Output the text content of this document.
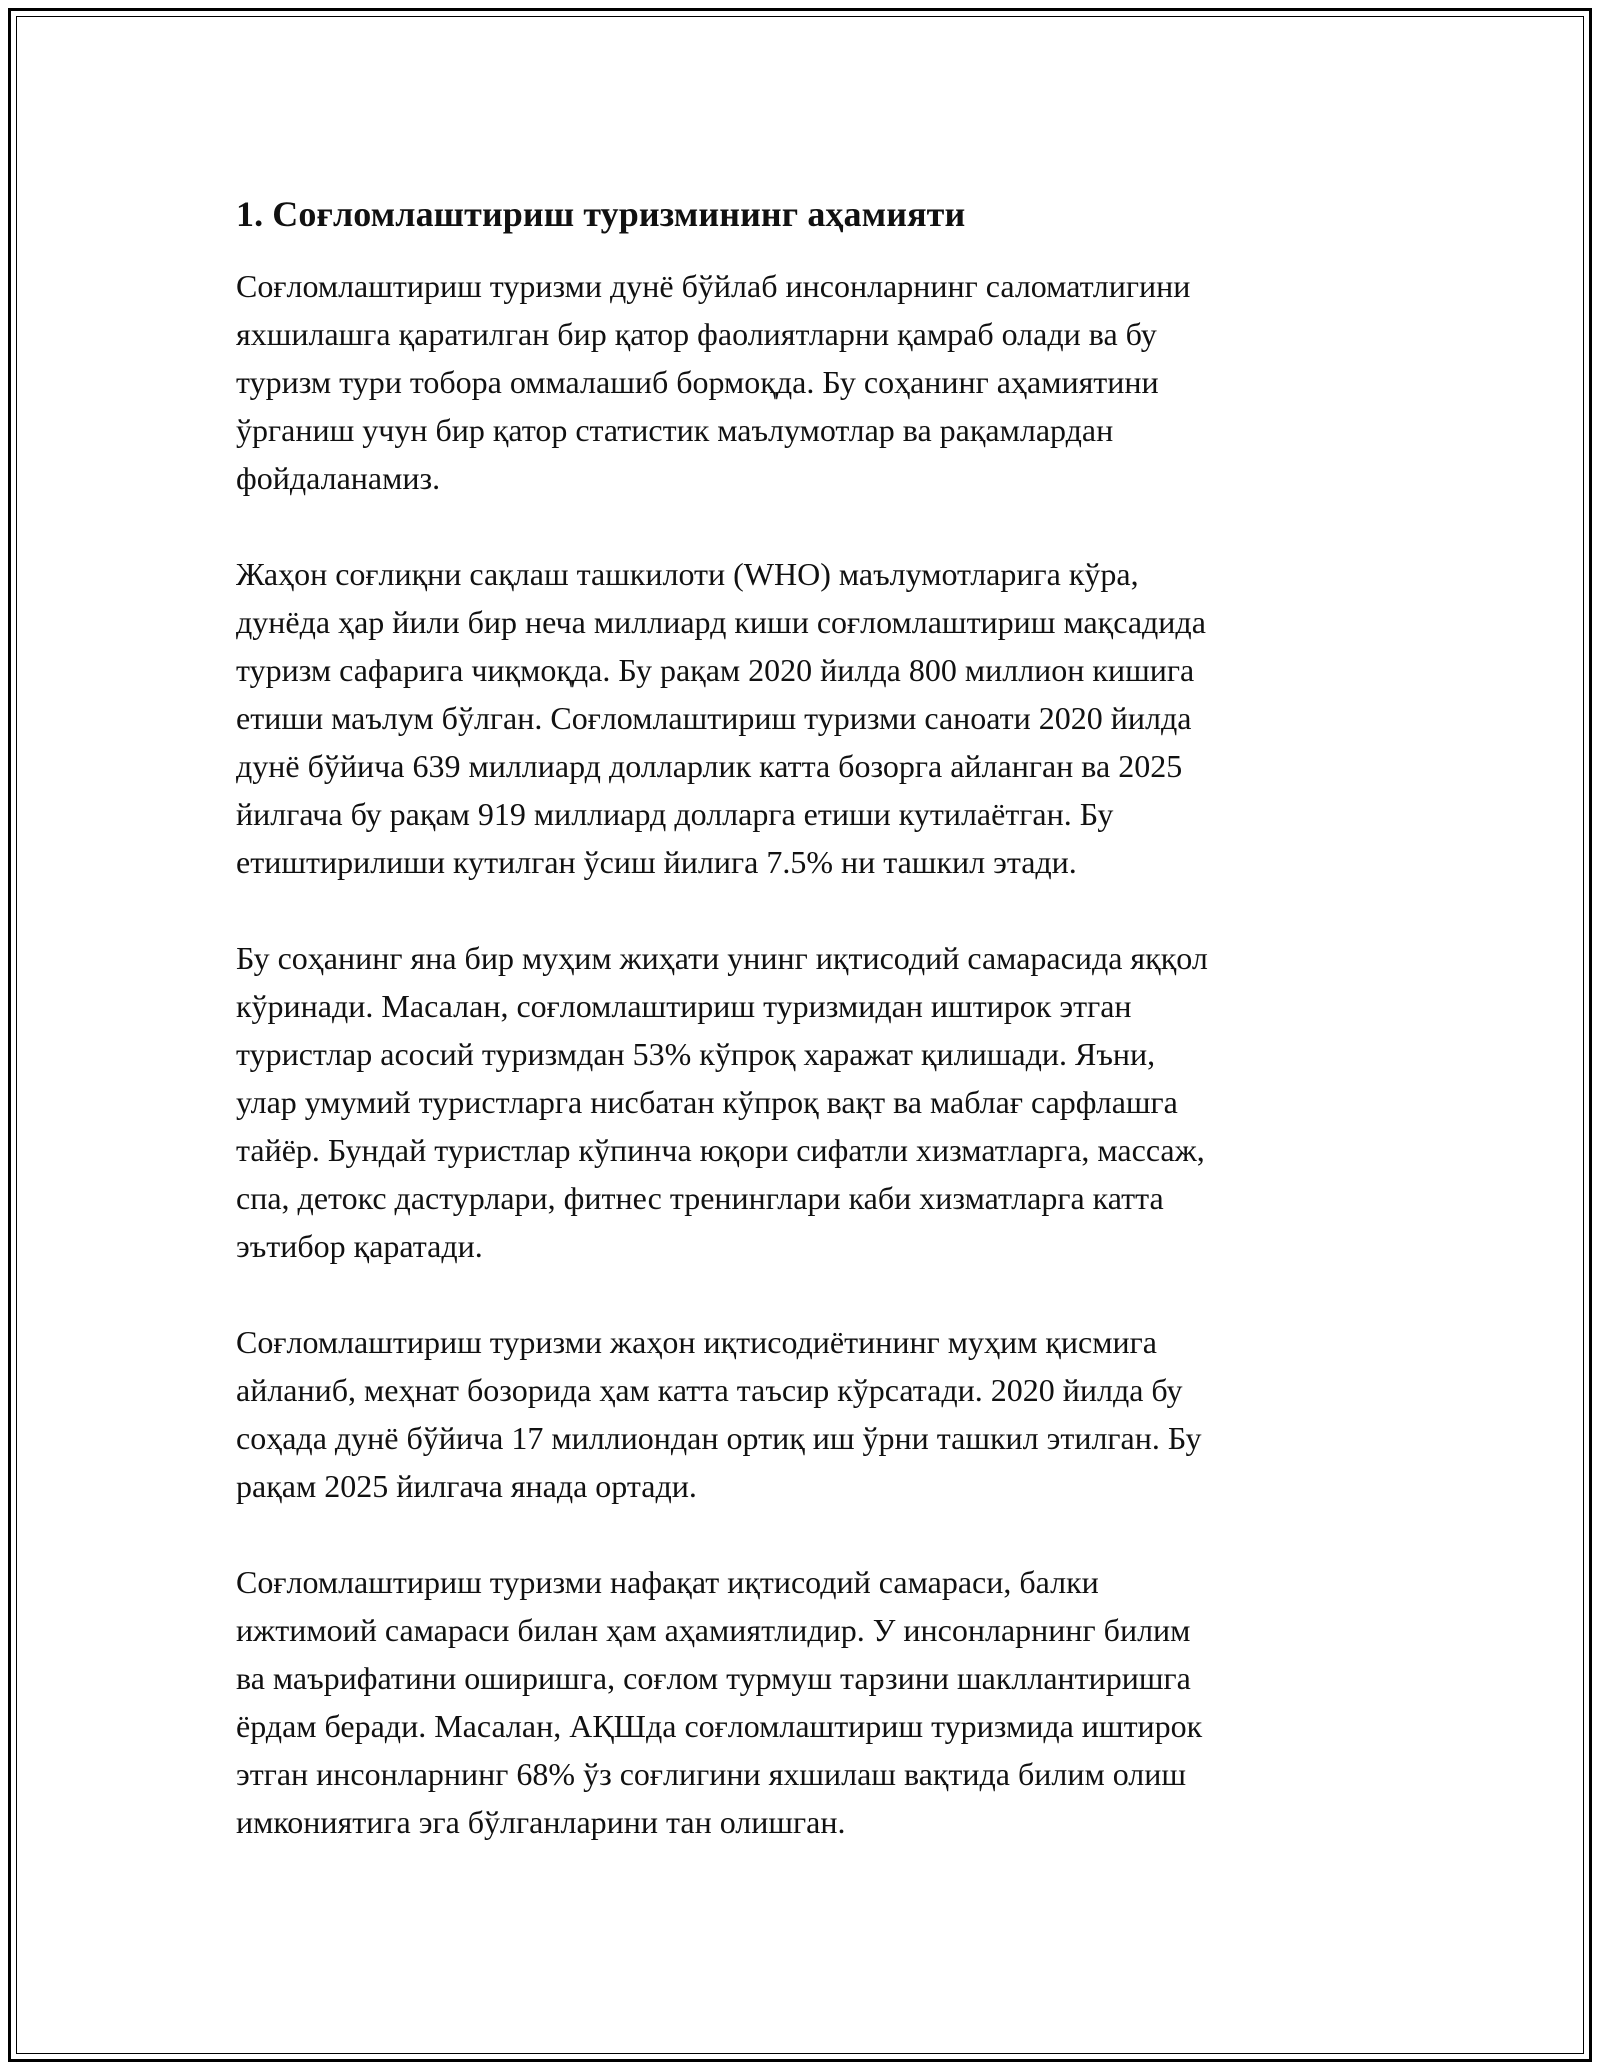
1. Соғломлаштириш туризмининг аҳамияти

Соғломлаштириш туризми дунё бўйлаб инсонларнинг саломатлигини
яхшилашга қаратилган бир қатор фаолиятларни қамраб олади ва бу
туризм тури тобора оммалашиб бормоқда. Бу соҳанинг аҳамиятини
ўрганиш учун бир қатор статистик маълумотлар ва рақамлардан
фойдаланамиз.

Жаҳон соғлиқни сақлаш ташкилоти (WHO) маълумотларига кўра,
дунёда ҳар йили бир неча миллиард киши соғломлаштириш мақсадида
туризм сафарига чиқмоқда. Бу рақам 2020 йилда 800 миллион кишига
етиши маълум бўлган. Соғломлаштириш туризми саноати 2020 йилда
дунё бўйича 639 миллиард долларлик катта бозорга айланган ва 2025
йилгача бу рақам 919 миллиард долларга етиши кутилаётган. Бу
етиштирилиши кутилган ўсиш йилига 7.5% ни ташкил этади.

Бу соҳанинг яна бир муҳим жиҳати унинг иқтисодий самарасида яққол
кўринади. Масалан, соғломлаштириш туризмидан иштирок этган
туристлар асосий туризмдан 53% кўпроқ харажат қилишади. Яъни,
улар умумий туристларга нисбатан кўпроқ вақт ва маблағ сарфлашга
тайёр. Бундай туристлар кўпинча юқори сифатли хизматларга, массаж,
спа, детокс дастурлари, фитнес тренинглари каби хизматларга катта
эътибор қаратади.

Соғломлаштириш туризми жаҳон иқтисодиётининг муҳим қисмига
айланиб, меҳнат бозорида ҳам катта таъсир кўрсатади. 2020 йилда бу
соҳада дунё бўйича 17 миллиондан ортиқ иш ўрни ташкил этилган. Бу
рақам 2025 йилгача янада ортади.

Соғломлаштириш туризми нафақат иқтисодий самараси, балки
ижтимоий самараси билан ҳам аҳамиятлидир. У инсонларнинг билим
ва маърифатини оширишга, соғлом турмуш тарзини шакллантиришга
ёрдам беради. Масалан, АҚШда соғломлаштириш туризмида иштирок
этган инсонларнинг 68% ўз соғлигини яхшилаш вақтида билим олиш
имкониятига эга бўлганларини тан олишган.
